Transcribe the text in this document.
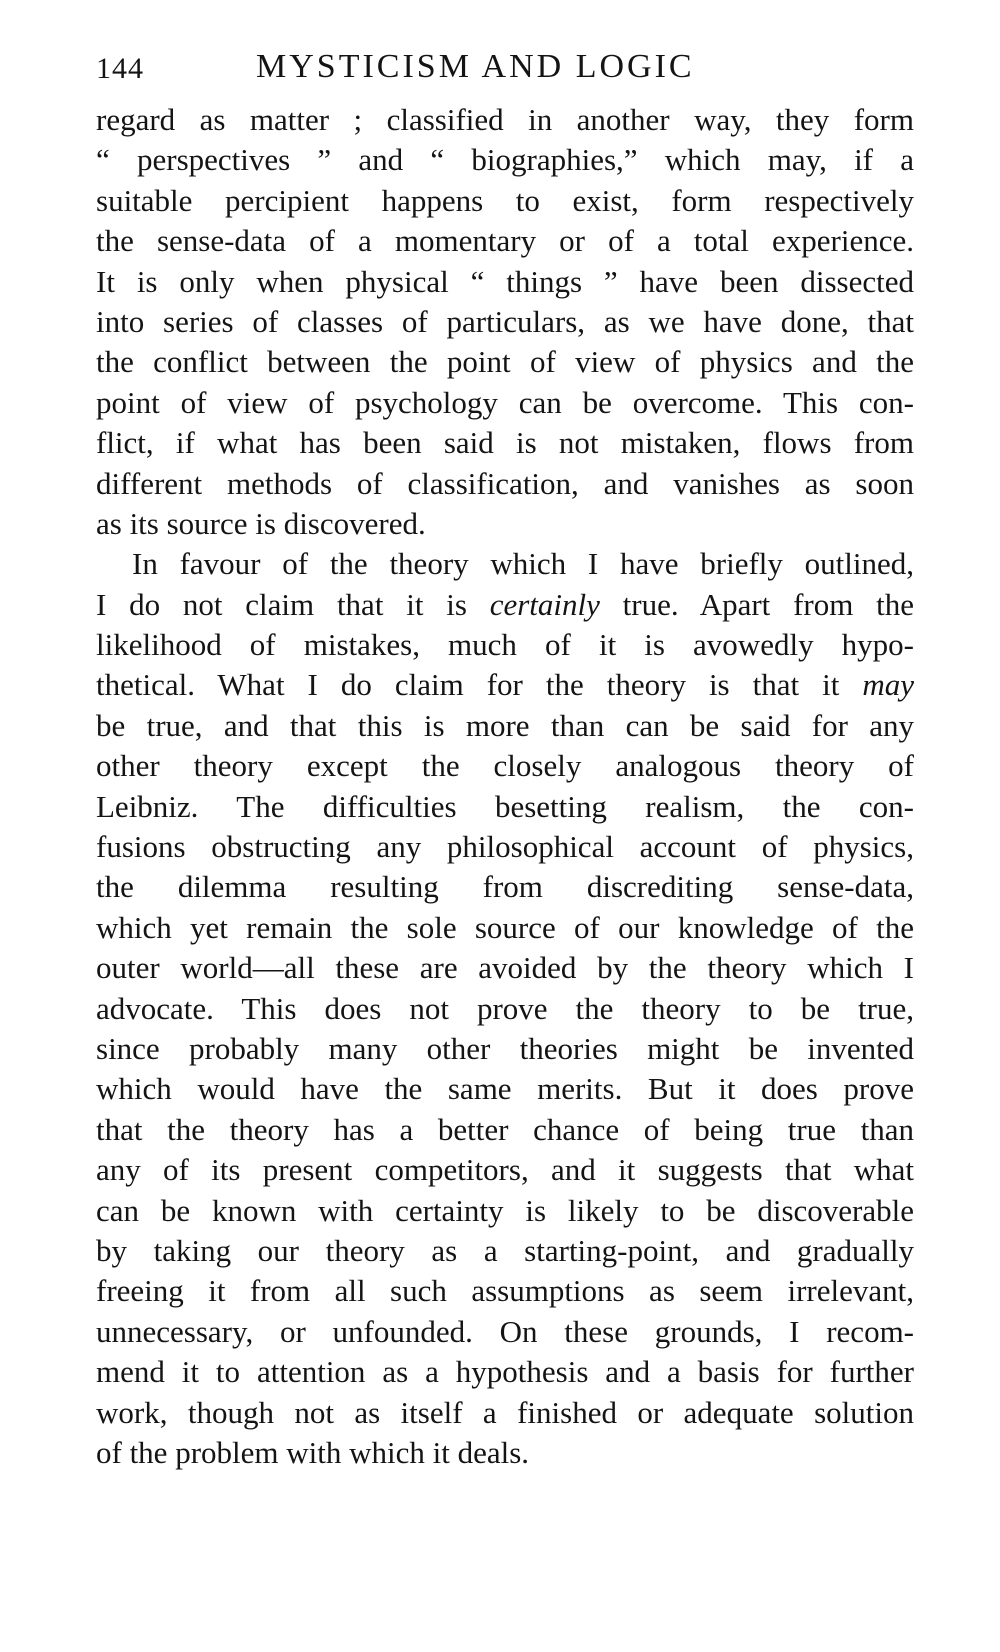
144	MYSTICISM AND LOGIC
regard as matter ; classified in another way, they form
“ perspectives ” and “ biographies,” which may, if a
suitable percipient happens to exist, form respectively
the sense-data of a momentary or of a total experience.
It is only when physical “ things ” have been dissected
into series of classes of particulars, as we have done, that
the conflict between the point of view of physics and the
point of view of psychology can be overcome. This con-
flict, if what has been said is not mistaken, flows from
different methods of classification, and vanishes as soon
as its source is discovered.
In favour of the theory which I have briefly outlined,
I do not claim that it is certainly true. Apart from the
likelihood of mistakes, much of it is avowedly hypo-
thetical. What I do claim for the theory is that it may
be true, and that this is more than can be said for any
other theory except the closely analogous theory of
Leibniz. The difficulties besetting realism, the con-
fusions obstructing any philosophical account of physics,
the dilemma resulting from discrediting sense-data,
which yet remain the sole source of our knowledge of the
outer world—all these are avoided by the theory which I
advocate. This does not prove the theory to be true,
since probably many other theories might be invented
which would have the same merits. But it does prove
that the theory has a better chance of being true than
any of its present competitors, and it suggests that what
can be known with certainty is likely to be discoverable
by taking our theory as a starting-point, and gradually
freeing it from all such assumptions as seem irrelevant,
unnecessary, or unfounded. On these grounds, I recom-
mend it to attention as a hypothesis and a basis for further
work, though not as itself a finished or adequate solution
of the problem with which it deals.
